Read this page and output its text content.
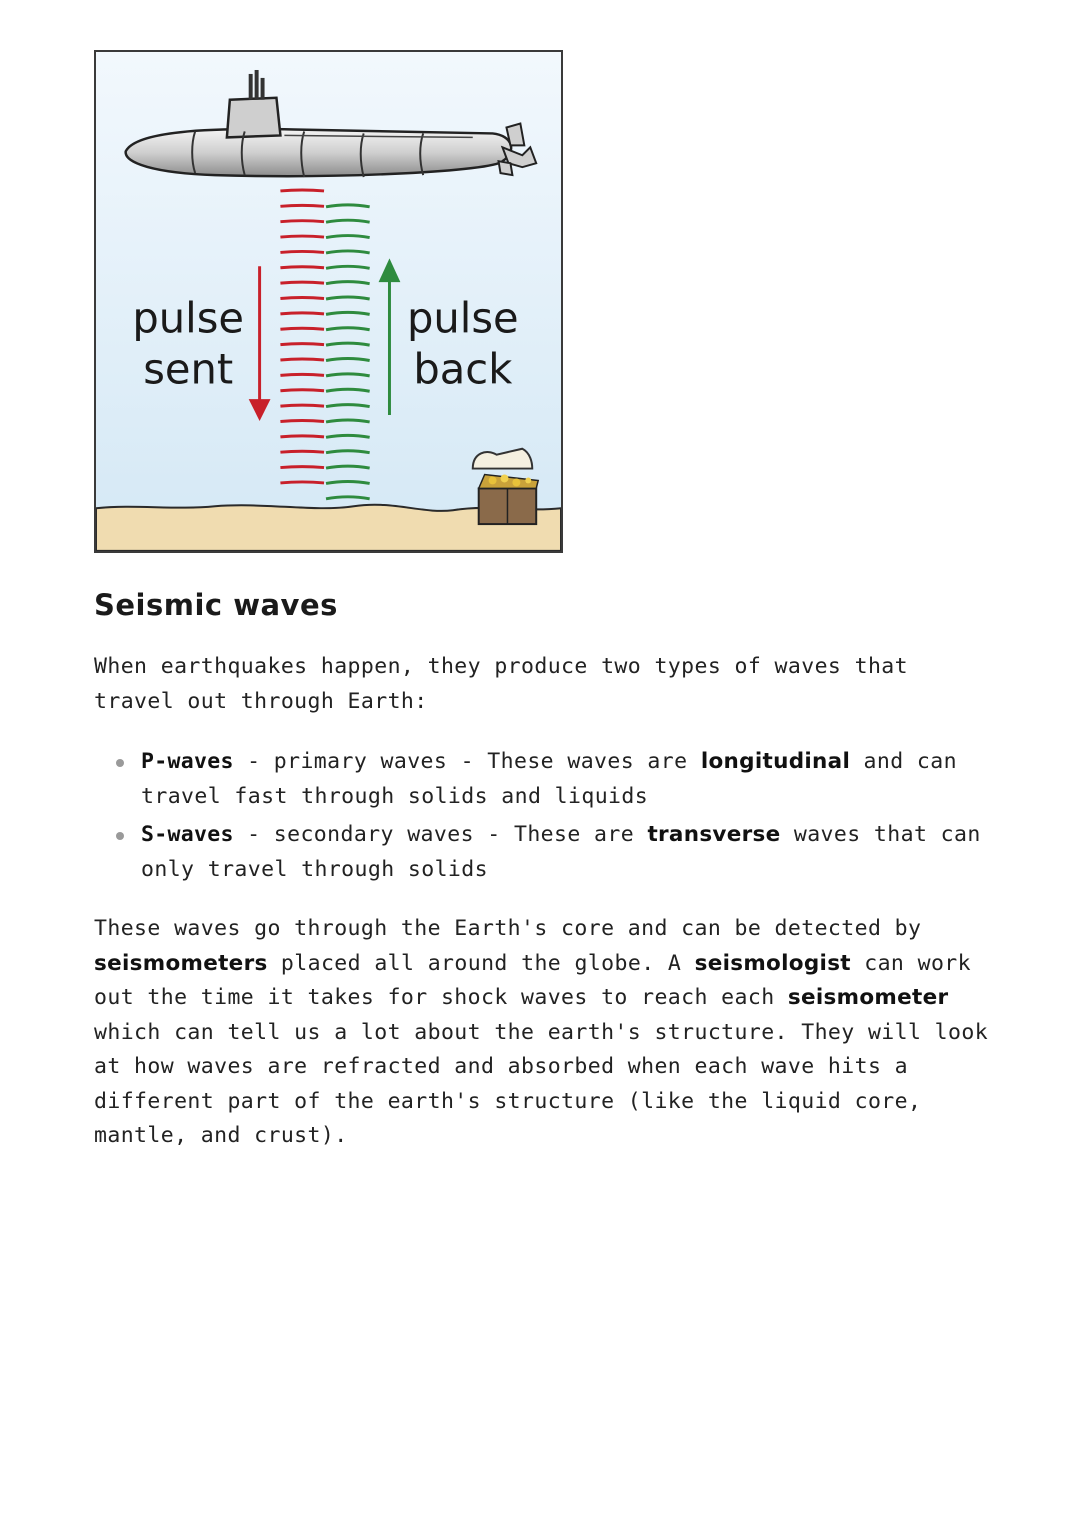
pulse
sent
pulse
back
Seismic waves

When earthquakes happen, they produce two types of waves that travel out through Earth:

P-waves - primary waves - These waves are longitudinal and can travel fast through solids and liquids
S-waves - secondary waves - These are transverse waves that can only travel through solids

These waves go through the Earth's core and can be detected by seismometers placed all around the globe. A seismologist can work out the time it takes for shock waves to reach each seismometer which can tell us a lot about the earth's structure. They will look at how waves are refracted and absorbed when each wave hits a different part of the earth's structure (like the liquid core, mantle, and crust).
